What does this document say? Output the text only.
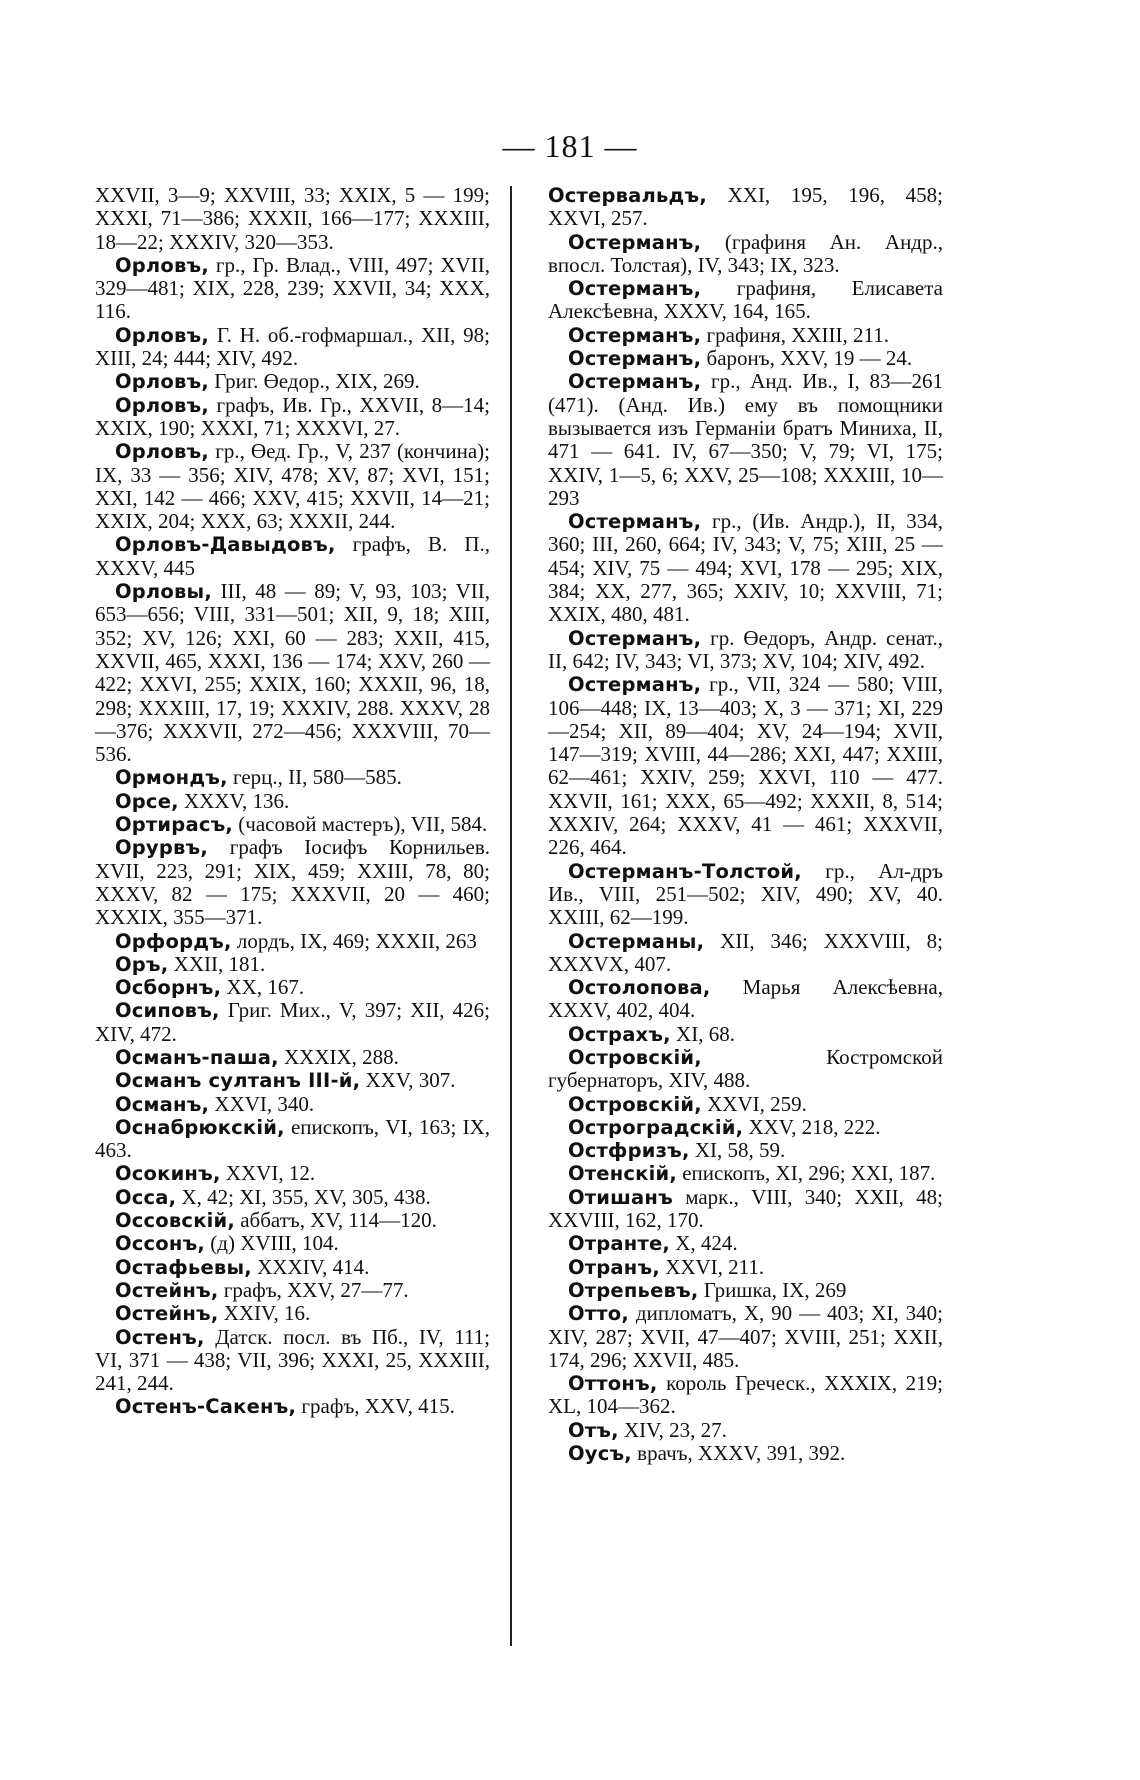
— 181 —

XXVII, 3—9; XXVIII, 33; XXIX, 5 — 199; XXXI, 71—386; XXXII, 166—177; XXXIII, 18—22; XXXIV, 320—353.

Орловъ, гр., Гр. Влад., VIII, 497; XVII, 329—481; XIX, 228, 239; XXVII, 34; XXX, 116.

Орловъ, Г. Н. об.-гофмаршал., XII, 98; XIII, 24; 444; XIV, 492.

Орловъ, Григ. Өедор., XIX, 269.

Орловъ, графъ, Ив. Гр., XXVII, 8—14; XXIX, 190; XXXI, 71; XXXVI, 27.

Орловъ, гр., Өед. Гр., V, 237 (кончина); IX, 33 — 356; XIV, 478; XV, 87; XVI, 151; XXI, 142 — 466; XXV, 415; XXVII, 14—21; XXIX, 204; XXX, 63; XXXII, 244.

Орловъ-Давыдовъ, графъ, В. П., XXXV, 445

Орловы, III, 48 — 89; V, 93, 103; VII, 653—656; VIII, 331—501; XII, 9, 18; XIII, 352; XV, 126; XXI, 60 — 283; XXII, 415, XXVII, 465, XXXI, 136 — 174; XXV, 260 — 422; XXVI, 255; XXIX, 160; XXXII, 96, 18, 298; XXXIII, 17, 19; XXXIV, 288. XXXV, 28—376; XXXVII, 272—456; XXXVIII, 70—536.

Ормондъ, герц., II, 580—585.

Орсе, XXXV, 136.

Ортирасъ, (часовой мастеръ), VII, 584.

Орурвъ, графъ Іосифъ Корнильев. XVII, 223, 291; XIX, 459; XXIII, 78, 80; XXXV, 82 — 175; XXXVII, 20 — 460; XXXIX, 355—371.

Орфордъ, лордъ, IX, 469; XXXII, 263

Оръ, XXII, 181.

Осборнъ, XX, 167.

Осиповъ, Григ. Мих., V, 397; XII, 426; XIV, 472.

Османъ-паша, XXXIX, 288.

Османъ султанъ III-й, XXV, 307.

Османъ, XXVI, 340.

Оснабрюкскій, епископъ, VI, 163; IX, 463.

Осокинъ, XXVI, 12.

Осса, X, 42; XI, 355, XV, 305, 438.

Оссовскій, аббатъ, XV, 114—120.

Оссонъ, (д) XVIII, 104.

Остафьевы, XXXIV, 414.

Остейнъ, графъ, XXV, 27—77.

Остейнъ, XXIV, 16.

Остенъ, Датск. посл. въ Пб., IV, 111; VI, 371 — 438; VII, 396; XXXI, 25, XXXIII, 241, 244.

Остенъ-Сакенъ, графъ, XXV, 415.

Остервальдъ, XXI, 195, 196, 458; XXVI, 257.

Остерманъ, (графиня Ан. Андр., впосл. Толстая), IV, 343; IX, 323.

Остерманъ, графиня, Елисавета Алексѣевна, XXXV, 164, 165.

Остерманъ, графиня, XXIII, 211.

Остерманъ, баронъ, XXV, 19 — 24.

Остерманъ, гр., Анд. Ив., I, 83—261 (471). (Анд. Ив.) ему въ помощники вызывается изъ Германіи братъ Миниха, II, 471 — 641. IV, 67—350; V, 79; VI, 175; XXIV, 1—5, 6; XXV, 25—108; XXXIII, 10—293

Остерманъ, гр., (Ив. Андр.), II, 334, 360; III, 260, 664; IV, 343; V, 75; XIII, 25 — 454; XIV, 75 — 494; XVI, 178 — 295; XIX, 384; XX, 277, 365; XXIV, 10; XXVIII, 71; XXIX, 480, 481.

Остерманъ, гр. Өедоръ, Андр. сенат., II, 642; IV, 343; VI, 373; XV, 104; XIV, 492.

Остерманъ, гр., VII, 324 — 580; VIII, 106—448; IX, 13—403; X, 3 — 371; XI, 229—254; XII, 89—404; XV, 24—194; XVII, 147—319; XVIII, 44—286; XXI, 447; XXIII, 62—461; XXIV, 259; XXVI, 110 — 477. XXVII, 161; XXX, 65—492; XXXII, 8, 514; XXXIV, 264; XXXV, 41 — 461; XXXVII, 226, 464.

Остерманъ-Толстой, гр., Ал-дръ Ив., VIII, 251—502; XIV, 490; XV, 40. XXIII, 62—199.

Остерманы, XII, 346; XXXVIII, 8; XXXVX, 407.

Остолопова, Марья Алексѣевна, XXXV, 402, 404.

Острахъ, XI, 68.

Островскій, Костромской губернаторъ, XIV, 488.

Островскій, XXVI, 259.

Остроградскій, XXV, 218, 222.

Остфризъ, XI, 58, 59.

Отенскій, епископъ, XI, 296; XXI, 187.

Отишанъ марк., VIII, 340; XXII, 48; XXVIII, 162, 170.

Отранте, X, 424.

Отранъ, XXVI, 211.

Отрепьевъ, Гришка, IX, 269

Отто, дипломатъ, X, 90 — 403; XI, 340; XIV, 287; XVII, 47—407; XVIII, 251; XXII, 174, 296; XXVII, 485.

Оттонъ, король Греческ., XXXIX, 219; XL, 104—362.

Отъ, XIV, 23, 27.

Оусъ, врачъ, XXXV, 391, 392.
